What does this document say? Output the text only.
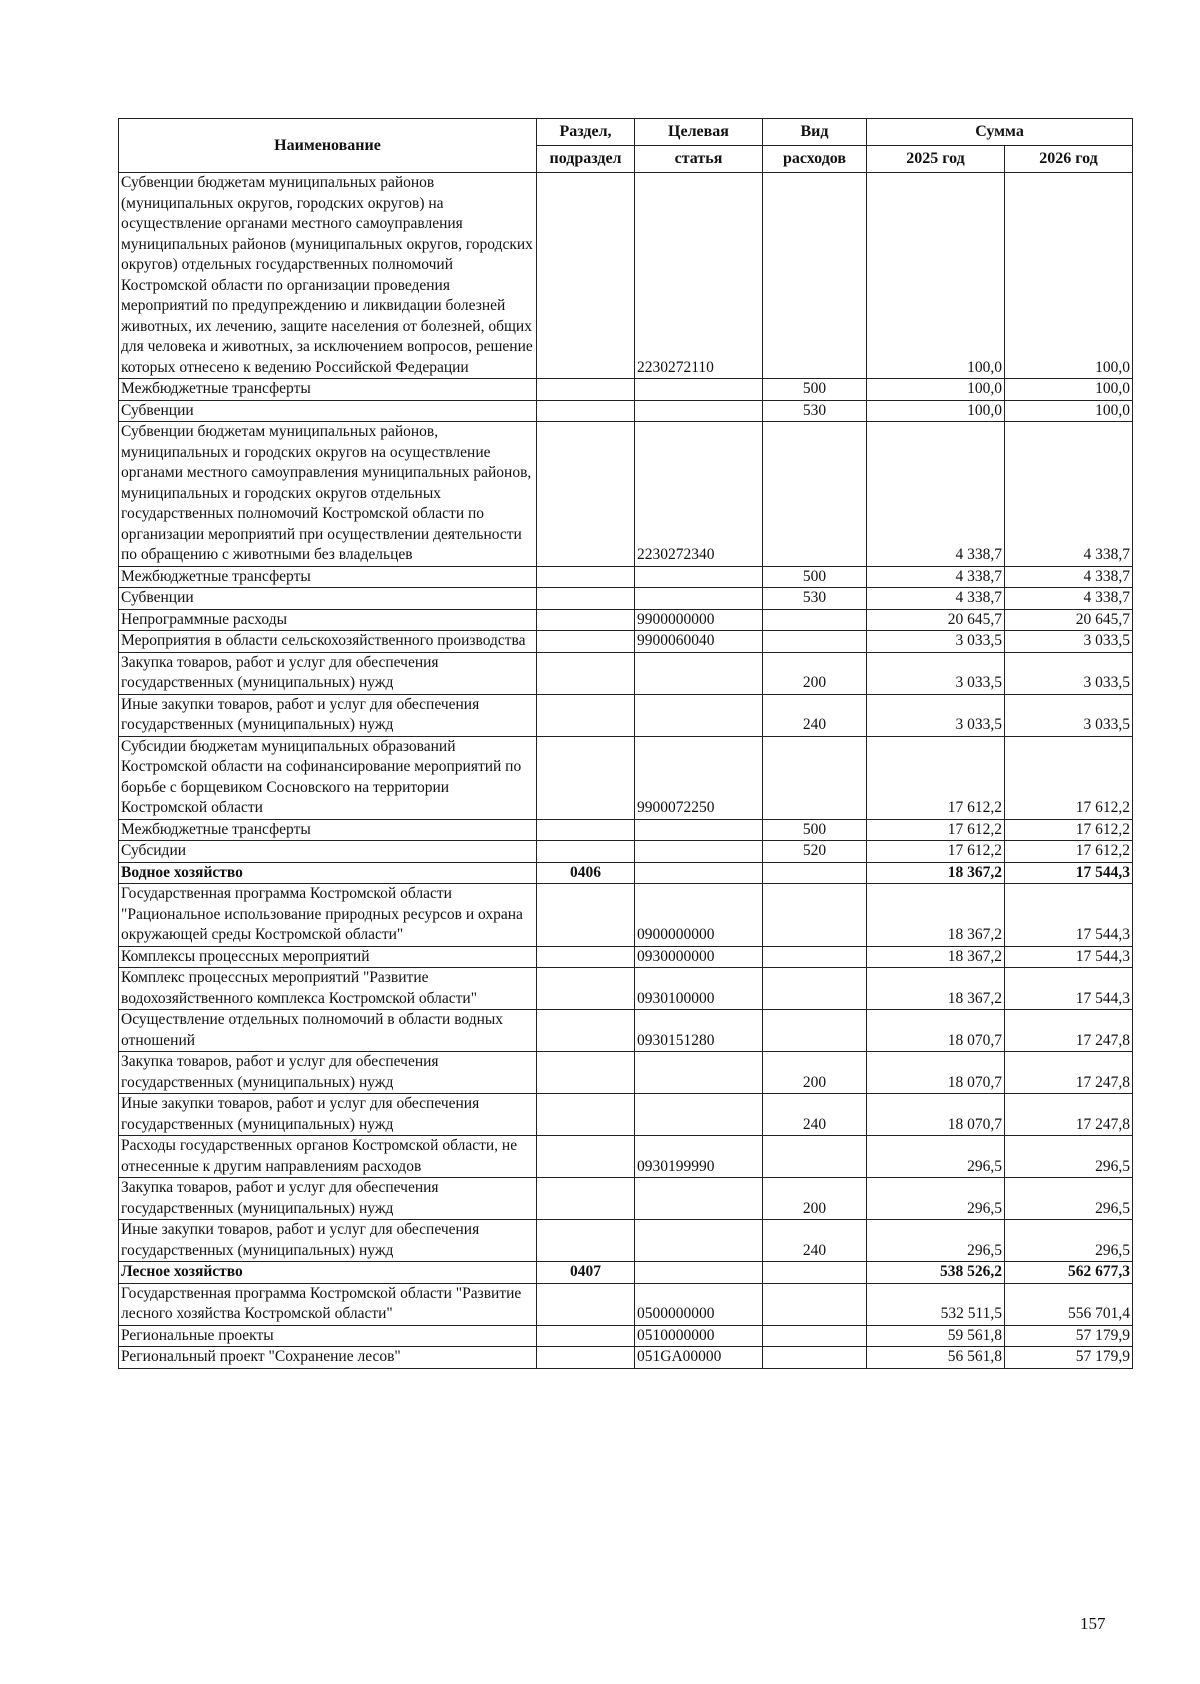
Наименование	Раздел,	Целевая	Вид	Сумма	
	подраздел	статья	расходов	2025 год	2026 год
Субвенции бюджетам муниципальных районов (муниципальных округов, городских округов) на осуществление органами местного самоуправления муниципальных районов (муниципальных округов, городских округов) отдельных государственных полномочий Костромской области по организации проведения мероприятий по предупреждению и ликвидации болезней животных, их лечению, защите населения от болезней, общих для человека и животных, за исключением вопросов, решение которых отнесено к ведению Российской Федерации		2230272110		100,0	100,0
Межбюджетные трансферты			500	100,0	100,0
Субвенции			530	100,0	100,0
Субвенции бюджетам муниципальных районов, муниципальных и городских округов на осуществление органами местного самоуправления муниципальных районов, муниципальных и городских округов отдельных государственных полномочий Костромской области по организации мероприятий при осуществлении деятельности по обращению с животными без владельцев		2230272340		4 338,7	4 338,7
Межбюджетные трансферты			500	4 338,7	4 338,7
Субвенции			530	4 338,7	4 338,7
Непрограммные расходы		9900000000		20 645,7	20 645,7
Мероприятия в области сельскохозяйственного производства		9900060040		3 033,5	3 033,5
Закупка товаров, работ и услуг для обеспечения государственных (муниципальных) нужд			200	3 033,5	3 033,5
Иные закупки товаров, работ и услуг для обеспечения государственных (муниципальных) нужд			240	3 033,5	3 033,5
Субсидии бюджетам муниципальных образований Костромской области на софинансирование мероприятий по борьбе с борщевиком Сосновского на территории Костромской области		9900072250		17 612,2	17 612,2
Межбюджетные трансферты			500	17 612,2	17 612,2
Субсидии			520	17 612,2	17 612,2
Водное хозяйство	0406			18 367,2	17 544,3
Государственная программа Костромской области "Рациональное использование природных ресурсов и охрана окружающей среды Костромской области"		0900000000		18 367,2	17 544,3
Комплексы процессных мероприятий		0930000000		18 367,2	17 544,3
Комплекс процессных мероприятий "Развитие водохозяйственного комплекса Костромской области"		0930100000		18 367,2	17 544,3
Осуществление отдельных полномочий в области водных отношений		0930151280		18 070,7	17 247,8
Закупка товаров, работ и услуг для обеспечения государственных (муниципальных) нужд			200	18 070,7	17 247,8
Иные закупки товаров, работ и услуг для обеспечения государственных (муниципальных) нужд			240	18 070,7	17 247,8
Расходы государственных органов Костромской области, не отнесенные к другим направлениям расходов		0930199990		296,5	296,5
Закупка товаров, работ и услуг для обеспечения государственных (муниципальных) нужд			200	296,5	296,5
Иные закупки товаров, работ и услуг для обеспечения государственных (муниципальных) нужд			240	296,5	296,5
Лесное хозяйство	0407			538 526,2	562 677,3
Государственная программа Костромской области "Развитие лесного хозяйства Костромской области"		0500000000		532 511,5	556 701,4
Региональные проекты		0510000000		59 561,8	57 179,9
Региональный проект "Сохранение лесов"		051GA00000		56 561,8	57 179,9
157
